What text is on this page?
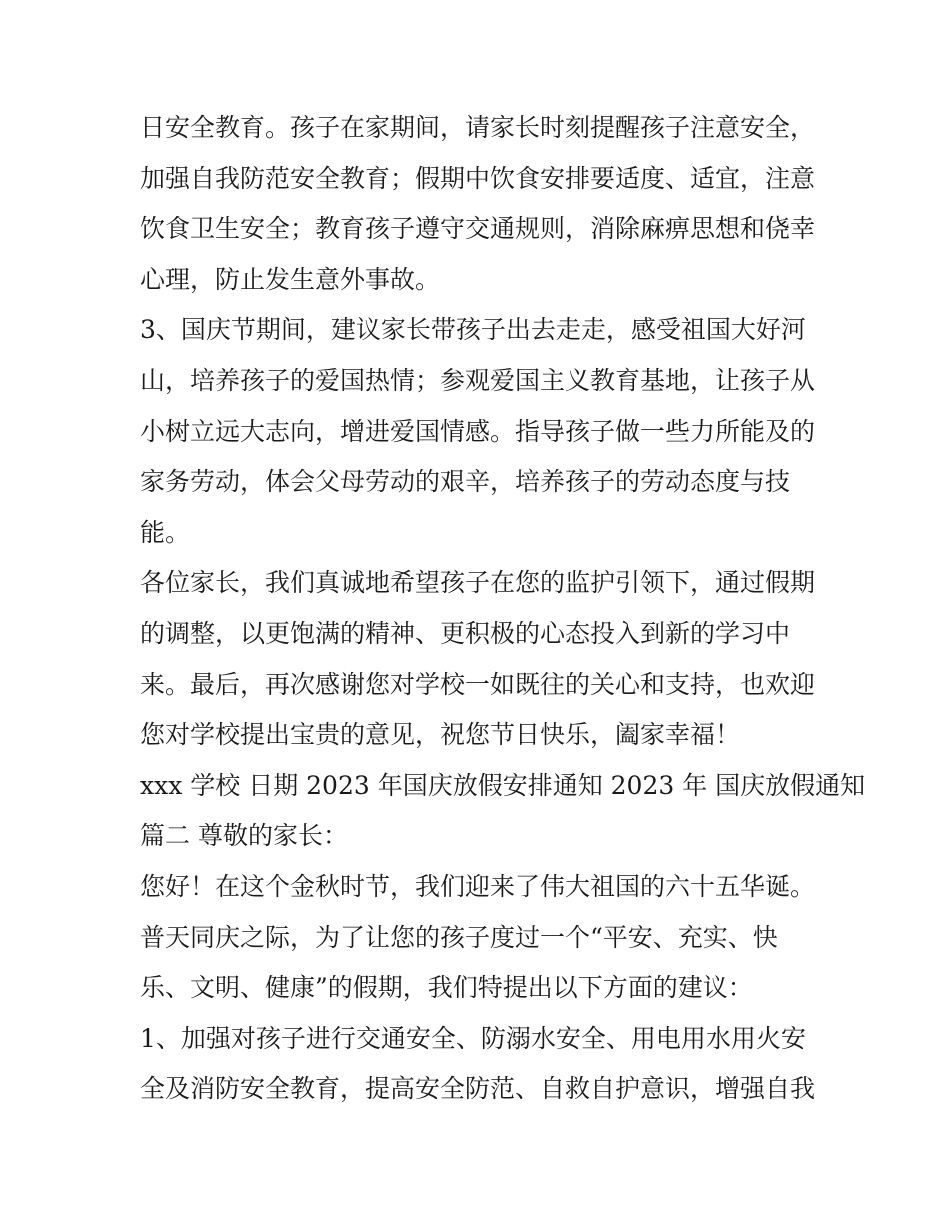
日安全教育。孩子在家期间，请家长时刻提醒孩子注意安全，
加强自我防范安全教育；假期中饮食安排要适度、适宜，注意
饮食卫生安全；教育孩子遵守交通规则，消除麻痹思想和侥幸
心理，防止发生意外事故。
3、国庆节期间，建议家长带孩子出去走走，感受祖国大好河
山，培养孩子的爱国热情；参观爱国主义教育基地，让孩子从
小树立远大志向，增进爱国情感。指导孩子做一些力所能及的
家务劳动，体会父母劳动的艰辛，培养孩子的劳动态度与技
能。
各位家长，我们真诚地希望孩子在您的监护引领下，通过假期
的调整，以更饱满的精神、更积极的心态投入到新的学习中
来。最后，再次感谢您对学校一如既往的关心和支持，也欢迎
您对学校提出宝贵的意见，祝您节日快乐，阖家幸福！
xxx 学校 日期 2023 年国庆放假安排通知 2023 年 国庆放假通知
篇二 尊敬的家长：
您好！在这个金秋时节，我们迎来了伟大祖国的六十五华诞。
普天同庆之际，为了让您的孩子度过一个“平安、充实、快
乐、文明、健康”的假期，我们特提出以下方面的建议：
1、加强对孩子进行交通安全、防溺水安全、用电用水用火安
全及消防安全教育，提高安全防范、自救自护意识，增强自我
